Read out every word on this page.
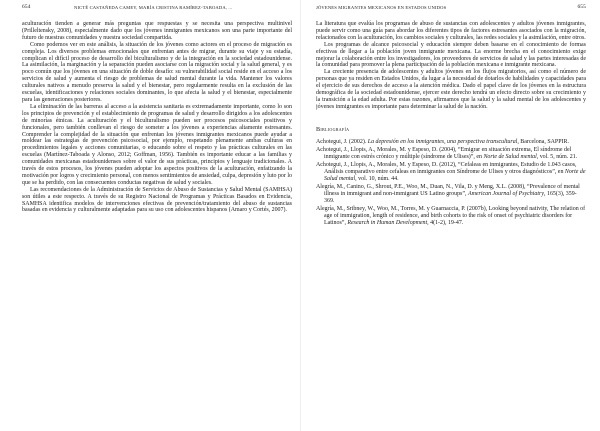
654	NICTÉ CASTAÑEDA CAMEY, MARÍA CRISTINA RAMÍREZ-TABOADA, ...

aculturación tienden a generar más preguntas que respuestas y se necesita una perspectiva multinivel (Prilleltensky, 2008), especialmente dado que los jóvenes inmigrantes mexicanos son una parte importante del futuro de nuestras comunidades y nuestra sociedad compartida.

Como podemos ver en este análisis, la situación de los jóvenes como actores en el proceso de migración es compleja. Los diversos problemas emocionales que enfrentan antes de migrar, durante su viaje y su estadía, complican el difícil proceso de desarrollo del biculturalismo y de la integración en la sociedad estadounidense. La asimilación, la marginación y la separación pueden asociarse con la migración social y la salud general, y es poco común que los jóvenes en una situación de doble desafío: su vulnerabilidad social reside en el acceso a los servicios de salud y aumenta el riesgo de problemas de salud mental durante la vida. Mantener los valores culturales nativos a menudo preserva la salud y el bienestar, pero regularmente resulta en la exclusión de las escuelas, identificaciones y relaciones sociales dominantes, lo que afecta la salud y el bienestar, especialmente para las generaciones posteriores.

La eliminación de las barreras al acceso a la asistencia sanitaria es extremadamente importante, como lo son los principios de prevención y el establecimiento de programas de salud y desarrollo dirigidos a los adolescentes de minorías étnicas. La aculturación y el biculturalismo pueden ser procesos psicosociales positivos y funcionales, pero también conllevan el riesgo de someter a los jóvenes a experiencias altamente estresantes. Comprender la complejidad de la situación que enfrentan los jóvenes inmigrantes mexicanos puede ayudar a moldear las estrategias de prevención psicosocial, por ejemplo, respetando plenamente ambas culturas en procedimientos legales y acciones comunitarias, o educando sobre el respeto y las prácticas culturales en las escuelas (Martínez-Taboada y Alonso, 2012; Goffman, 1956). También es importante educar a las familias y comunidades mexicanas estadounidenses sobre el valor de sus prácticas, principios y lenguaje tradicionales. A través de estos procesos, los jóvenes pueden adoptar los aspectos positivos de la aculturación, enfatizando la motivación por logros y crecimiento personal, con menos sentimientos de ansiedad, culpa, depresión y luto por lo que se ha perdido, con las consecuentes conductas negativas de salud y sociales.

Las recomendaciones de la Administración de Servicios de Abuso de Sustancias y Salud Mental (SAMHSA) son útiles a este respecto. A través de su Registro Nacional de Programas y Prácticas Basados en Evidencia, SAMHSA identifica modelos de intervenciones efectivas de prevención/tratamiento del abuso de sustancias basadas en evidencia y culturalmente adaptadas para su uso con adolescentes hispanos (Amaro y Cortés, 2007).

JÓVENES MIGRANTES MEXICANOS EN ESTADOS UNIDOS	655

La literatura que evalúa los programas de abuso de sustancias con adolescentes y adultos jóvenes inmigrantes, puede servir como una guía para abordar los diferentes tipos de factores estresantes asociados con la migración, relacionados con la aculturación, los cambios sociales y culturales, las redes sociales y la asimilación, entre otros.

Los programas de alcance psicosocial y educación siempre deben basarse en el conocimiento de formas efectivas de llegar a la población joven inmigrante mexicana. La enorme brecha en el conocimiento exige mejorar la colaboración entre los investigadores, los proveedores de servicios de salud y las partes interesadas de la comunidad para promover la plena participación de la población mexicana e inmigrante mexicana.

La creciente presencia de adolescentes y adultos jóvenes en los flujos migratorios, así como el número de personas que ya residen en Estados Unidos, da lugar a la necesidad de dotarlos de habilidades y capacidades para el ejercicio de sus derechos de acceso a la atención médica. Dado el papel clave de los jóvenes en la estructura demográfica de la sociedad estadounidense, ejercer este derecho tendrá un efecto directo sobre su crecimiento y la transición a la edad adulta. Por estas razones, afirmamos que la salud y la salud mental de los adolescentes y jóvenes inmigrantes es importante para determinar la salud de la nación.

Bibliografía

Achotegui, J. (2002). La depresión en los inmigrantes, una perspectiva transcultural, Barcelona, SAPPIR.

Achotegui, J., Llopis, A., Morales, M. y Espeso, D. (2004), “Emigrar en situación extrema, El síndrome del inmigrante con estrés crónico y múltiple (síndrome de Ulises)”, en Norte de Salud mental, vol. 5, núm. 21.

Achotegui, J., Llopis, A., Morales, M. y Espeso, D. (2012), “Cefaleas en inmigrantes, Estudio de 1.043 casos, Análisis comparativo entre cefaleas en inmigrantes con Síndrome de Ulises y otros diagnósticos”, en Norte de Salud mental, vol. 10, núm. 44.

Alegría, M., Canino, G., Shrout, P.E., Woo, M., Duan, N., Vila, D. y Meng, X.L. (2008), “Prevalence of mental illness in immigrant and non-immigrant US Latino groups”, American Journal of Psychiatry, 165(3), 359-369.

Alegría, M., Sribney, W., Woo, M., Torres, M. y Guarnaccia, P. (2007b), Looking beyond nativity, The relation of age of immigration, length of residence, and birth cohorts to the risk of onset of psychiatric disorders for Latinos”, Research in Human Development, 4(1-2), 19-47.
